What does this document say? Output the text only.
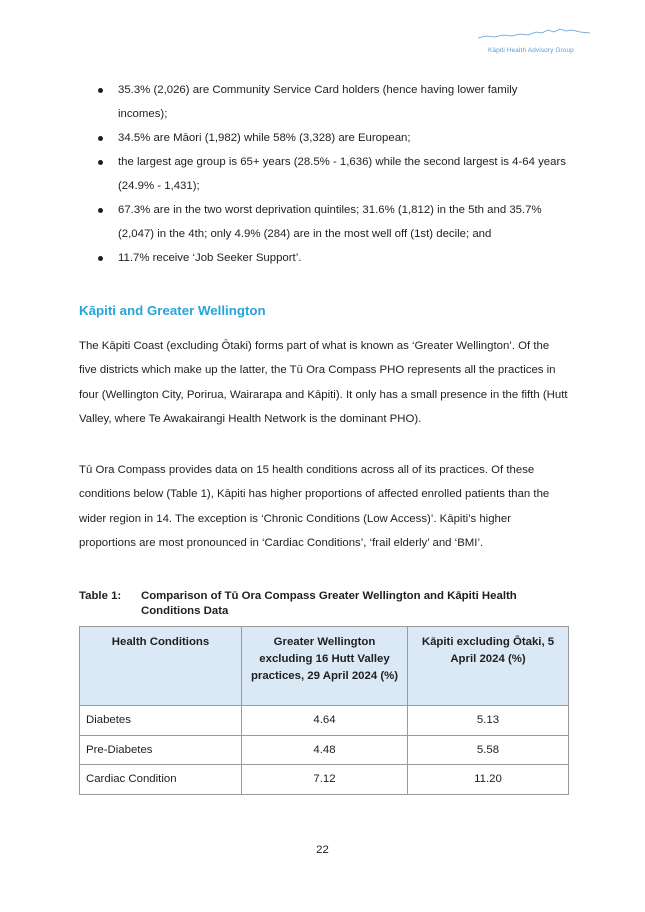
Kāpiti Health Advisory Group
35.3% (2,026) are Community Service Card holders (hence having lower family incomes);
34.5% are Māori (1,982) while 58% (3,328) are European;
the largest age group is 65+ years (28.5% - 1,636) while the second largest is 4-64 years (24.9% - 1,431);
67.3% are in the two worst deprivation quintiles; 31.6% (1,812) in the 5th and 35.7% (2,047) in the 4th; only 4.9% (284) are in the most well off (1st) decile; and
11.7% receive ‘Job Seeker Support’.
Kāpiti and Greater Wellington

The Kāpiti Coast (excluding Ōtaki) forms part of what is known as ‘Greater Wellington’. Of the five districts which make up the latter, the Tū Ora Compass PHO represents all the practices in four (Wellington City, Porirua, Wairarapa and Kāpiti). It only has a small presence in the fifth (Hutt Valley, where Te Awakairangi Health Network is the dominant PHO).

Tū Ora Compass provides data on 15 health conditions across all of its practices. Of these conditions below (Table 1), Kāpiti has higher proportions of affected enrolled patients than the wider region in 14. The exception is ‘Chronic Conditions (Low Access)’. Kāpiti’s higher proportions are most pronounced in ‘Cardiac Conditions’, ‘frail elderly’ and ‘BMI’.

Table 1:	Comparison of Tū Ora Compass Greater Wellington and Kāpiti Health Conditions Data
Health Conditions	Greater Wellington excluding 16 Hutt Valley practices, 29 April 2024 (%)	Kāpiti excluding Ōtaki, 5 April 2024 (%)
Diabetes	4.64	5.13
Pre-Diabetes	4.48	5.58
Cardiac Condition	7.12	11.20
22
